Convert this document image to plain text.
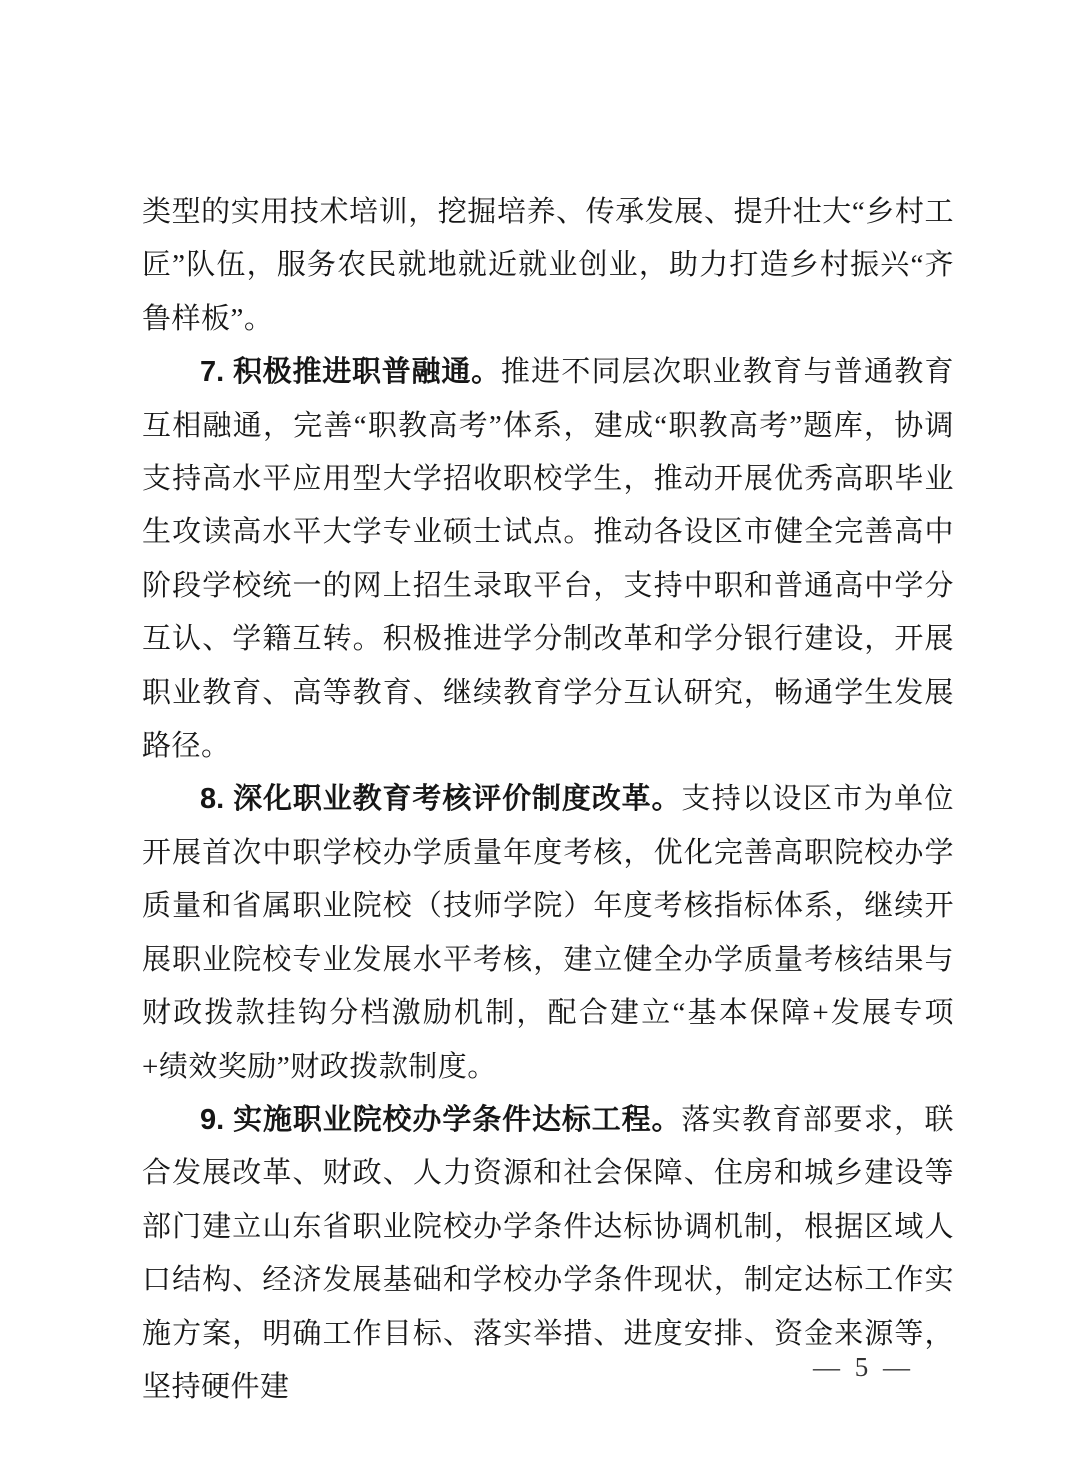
类型的实用技术培训，挖掘培养、传承发展、提升壮大“乡村工匠”队伍，服务农民就地就近就业创业，助力打造乡村振兴“齐鲁样板”。

7. 积极推进职普融通。推进不同层次职业教育与普通教育互相融通，完善“职教高考”体系，建成“职教高考”题库，协调支持高水平应用型大学招收职校学生，推动开展优秀高职毕业生攻读高水平大学专业硕士试点。推动各设区市健全完善高中阶段学校统一的网上招生录取平台，支持中职和普通高中学分互认、学籍互转。积极推进学分制改革和学分银行建设，开展职业教育、高等教育、继续教育学分互认研究，畅通学生发展路径。

8. 深化职业教育考核评价制度改革。支持以设区市为单位开展首次中职学校办学质量年度考核，优化完善高职院校办学质量和省属职业院校（技师学院）年度考核指标体系，继续开展职业院校专业发展水平考核，建立健全办学质量考核结果与财政拨款挂钩分档激励机制，配合建立“基本保障+发展专项+绩效奖励”财政拨款制度。

9. 实施职业院校办学条件达标工程。落实教育部要求，联合发展改革、财政、人力资源和社会保障、住房和城乡建设等部门建立山东省职业院校办学条件达标协调机制，根据区域人口结构、经济发展基础和学校办学条件现状，制定达标工作实施方案，明确工作目标、落实举措、进度安排、资金来源等，坚持硬件建

— 5 —
